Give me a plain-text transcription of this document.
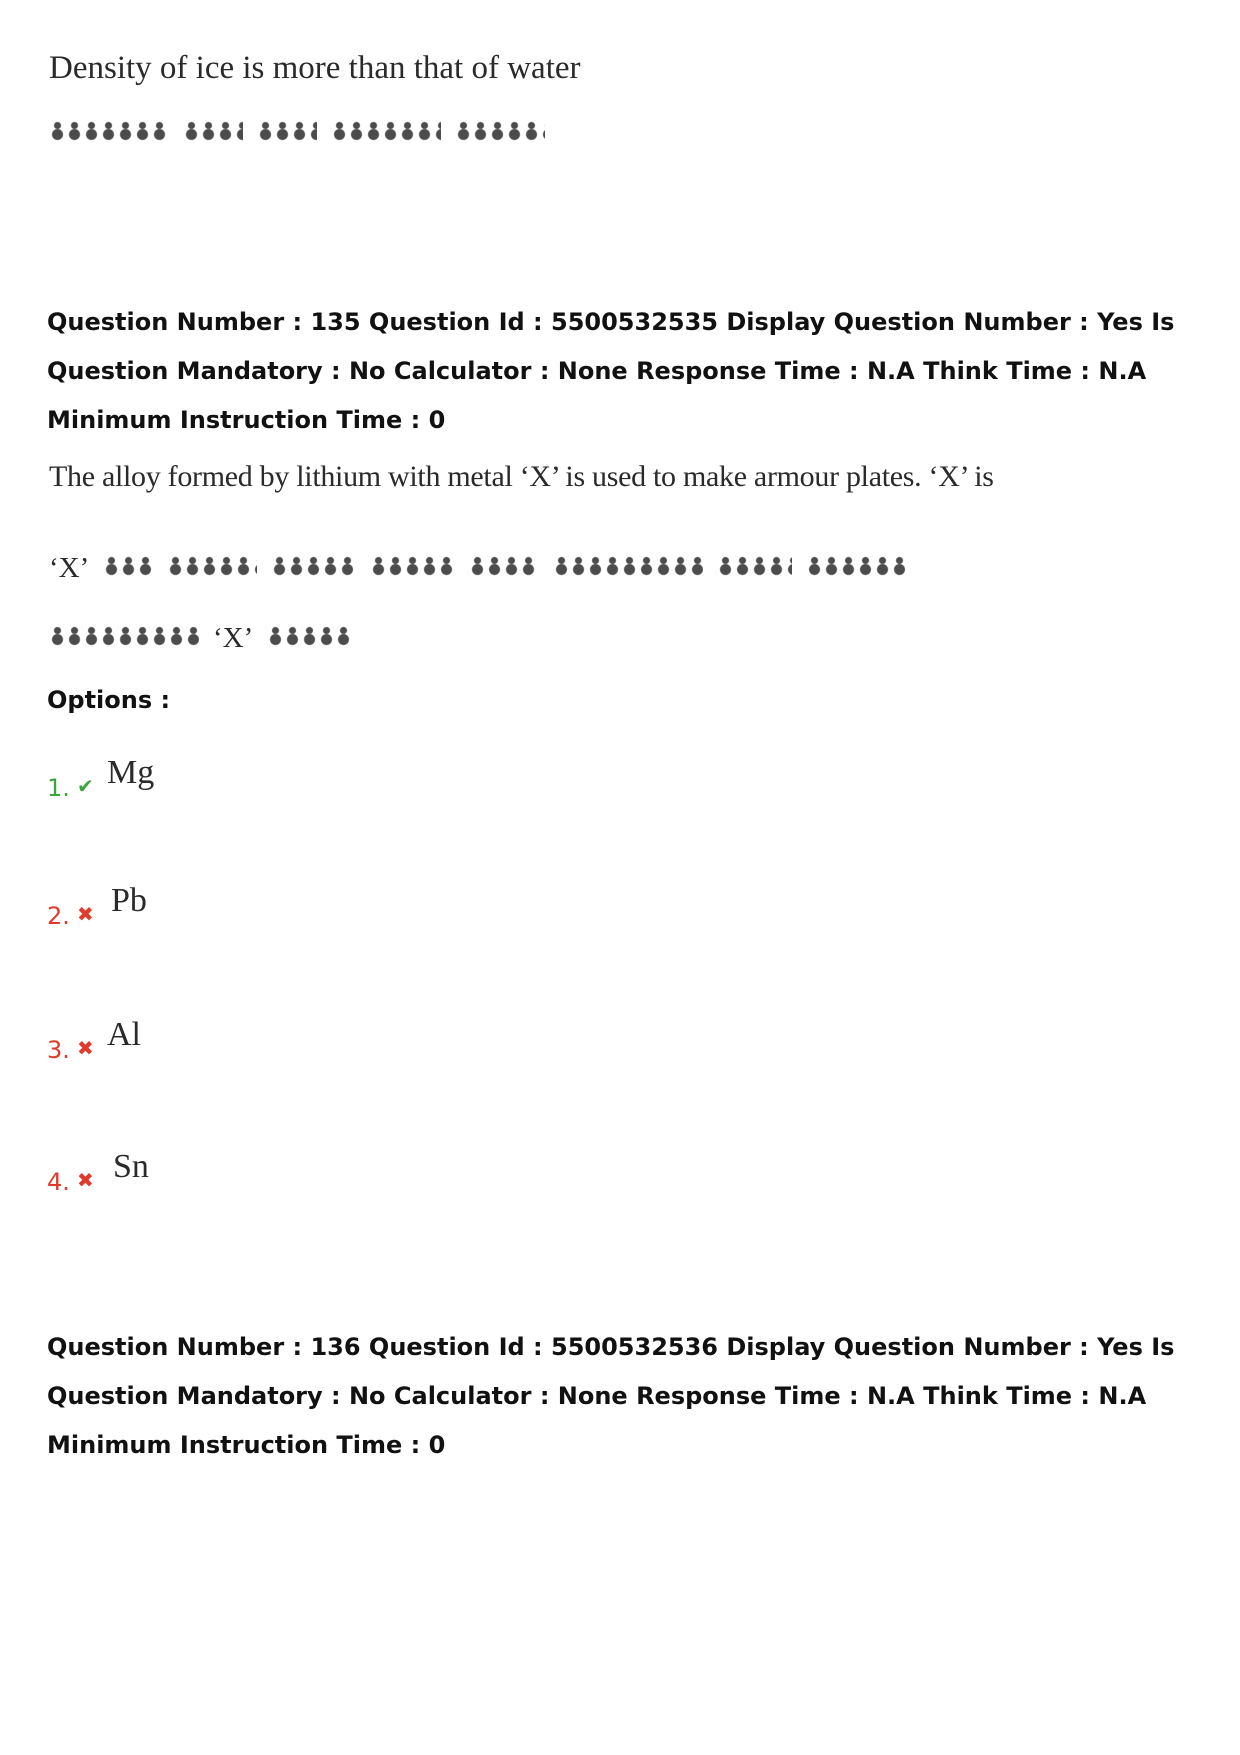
Density of ice is more than that of water

Question Number : 135 Question Id : 5500532535 Display Question Number : Yes Is Question Mandatory : No Calculator : None Response Time : N.A Think Time : N.A Minimum Instruction Time : 0

The alloy formed by lithium with metal ‘X’ is used to make armour plates. ‘X’ is
‘X’
‘X’
Options :
1. ✔ Mg
2. ✖ Pb
3. ✖ Al
4. ✖ Sn

Question Number : 136 Question Id : 5500532536 Display Question Number : Yes Is Question Mandatory : No Calculator : None Response Time : N.A Think Time : N.A Minimum Instruction Time : 0
